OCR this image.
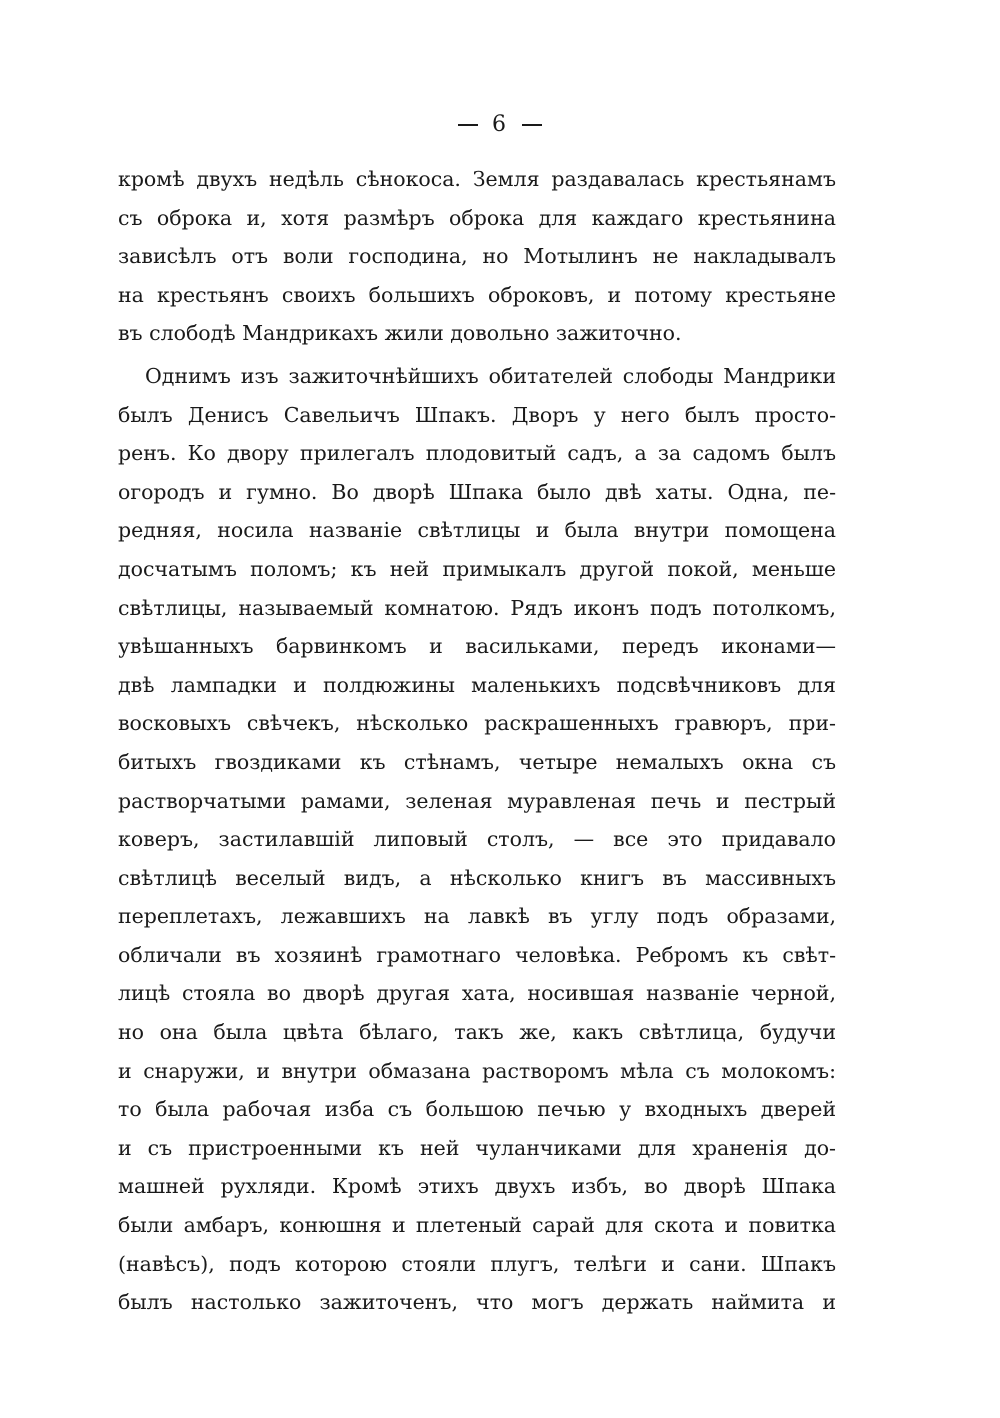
6
кромѣ двухъ недѣль сѣнокоса. Земля раздавалась крестьянамъ
съ оброка и, хотя размѣръ оброка для каждаго крестьянина
зависѣлъ отъ воли господина, но Мотылинъ не накладывалъ
на крестьянъ своихъ большихъ оброковъ, и потому крестьяне
въ слободѣ Мандрикахъ жили довольно зажиточно.
Однимъ изъ зажиточнѣйшихъ обитателей слободы Мандрики
былъ Денисъ Савельичъ Шпакъ. Дворъ у него былъ просто-
ренъ. Ко двору прилегалъ плодовитый садъ, а за садомъ былъ
огородъ и гумно. Во дворѣ Шпака было двѣ хаты. Одна, пе-
редняя, носила названіе свѣтлицы и была внутри помощена
досчатымъ поломъ; къ ней примыкалъ другой покой, меньше
свѣтлицы, называемый комнатою. Рядъ иконъ подъ потолкомъ,
увѣшанныхъ барвинкомъ и васильками, передъ иконами—
двѣ лампадки и полдюжины маленькихъ подсвѣчниковъ для
восковыхъ свѣчекъ, нѣсколько раскрашенныхъ гравюръ, при-
битыхъ гвоздиками къ стѣнамъ, четыре немалыхъ окна съ
растворчатыми рамами, зеленая муравленая печь и пестрый
коверъ, застилавшій липовый столъ, — все это придавало
свѣтлицѣ веселый видъ, а нѣсколько книгъ въ массивныхъ
переплетахъ, лежавшихъ на лавкѣ въ углу подъ образами,
обличали въ хозяинѣ грамотнаго человѣка. Ребромъ къ свѣт-
лицѣ стояла во дворѣ другая хата, носившая названіе черной,
но она была цвѣта бѣлаго, такъ же, какъ свѣтлица, будучи
и снаружи, и внутри обмазана растворомъ мѣла съ молокомъ:
то была рабочая изба съ большою печью у входныхъ дверей
и съ пристроенными къ ней чуланчиками для храненія до-
машней рухляди. Кромѣ этихъ двухъ избъ, во дворѣ Шпака
были амбаръ, конюшня и плетеный сарай для скота и повитка
(навѣсъ), подъ которою стояли плугъ, телѣги и сани. Шпакъ
былъ настолько зажиточенъ, что могъ держать наймита и
